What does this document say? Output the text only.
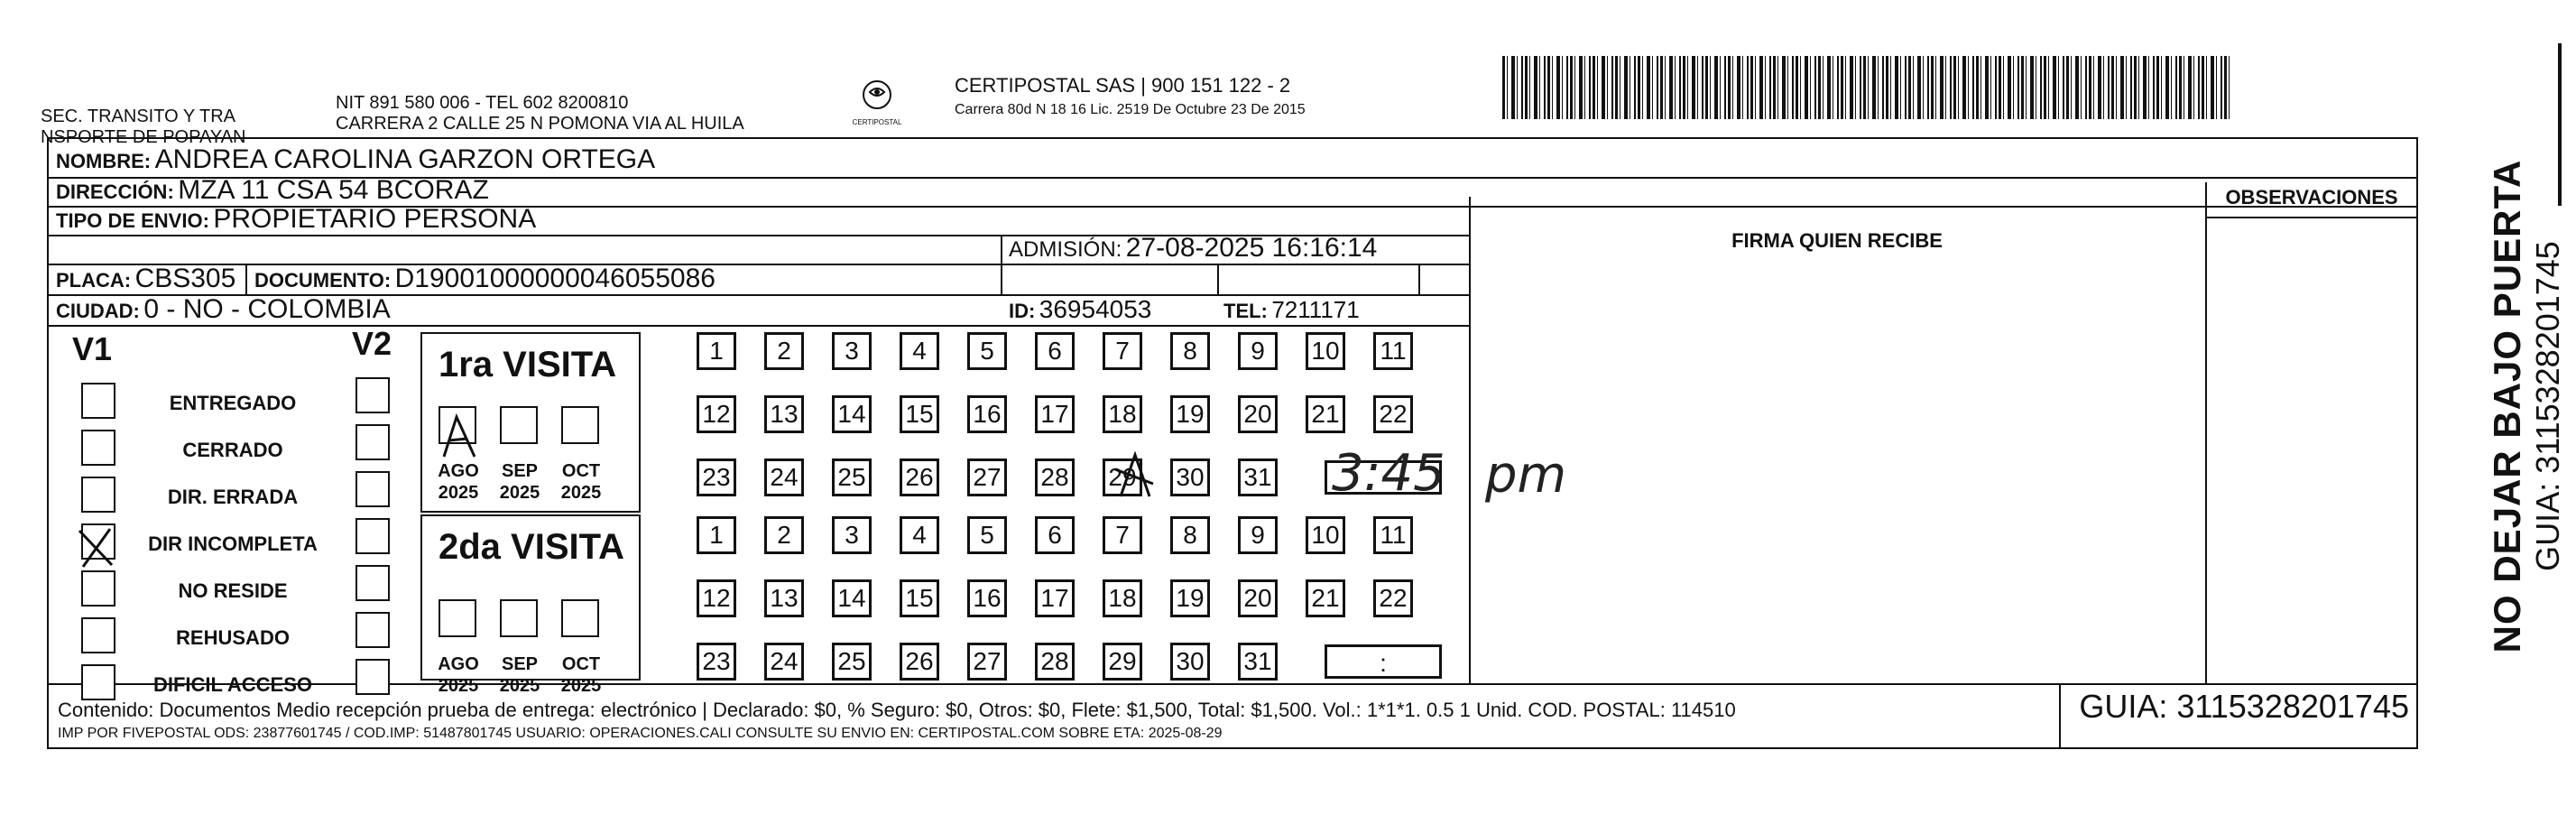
SEC. TRANSITO Y TRA
NSPORTE DE POPAYAN
NIT 891 580 006 - TEL 602 8200810
CARRERA 2 CALLE 25 N POMONA VIA AL HUILA	CERTIPOSTAL
CERTIPOSTAL SAS | 900 151 122 - 2
Carrera 80d N 18 16 Lic. 2519 De Octubre 23 De 2015
FIRMA QUIEN RECIBE
OBSERVACIONES
NOMBRE: ANDREA CAROLINA GARZON ORTEGA
DIRECCIÓN: MZA 11 CSA 54 BCORAZ
TIPO DE ENVIO: PROPIETARIO PERSONA
ADMISIÓN: 27-08-2025 16:16:14
PLACA: CBS305 DOCUMENTO: D19001000000046055086
ID: 36954053	TEL: 7211171
CIUDAD: 0 - NO - COLOMBIA
V1	V2
ENTREGADO
CERRADO
DIR. ERRADA
DIR INCOMPLETA
NO RESIDE
REHUSADO
DIFICIL ACCESO
1ra VISITA
2da VISITA
AGO
2025
SEP
2025
OCT
2025
AGO
2025
SEP
2025
OCT
2025
1	2	3	4	5	6	7	8	9	10 11
12 13 14 15 16 17 18 19 20 21 22
23 24 25 26 27 28 29 30 31
1	2	3	4	5	6	7	8	9	10 11
12 13 14 15 16 17 18 19 20 21 22
23 24 25 26 27 28 29 30 31	:
3:45 pm
Contenido: Documentos Medio recepción prueba de entrega: electrónico | Declarado: $0, % Seguro: $0, Otros: $0, Flete: $1,500, Total: $1,500. Vol.: 1*1*1. 0.5 1 Unid. COD. POSTAL: 114510
IMP POR FIVEPOSTAL ODS: 23877601745 / COD.IMP: 51487801745 USUARIO: OPERACIONES.CALI CONSULTE SU ENVIO EN: CERTIPOSTAL.COM SOBRE ETA: 2025-08-29
GUIA: 3115328201745
NO DEJAR BAJO PUERTA GUIA: 3115328201745
